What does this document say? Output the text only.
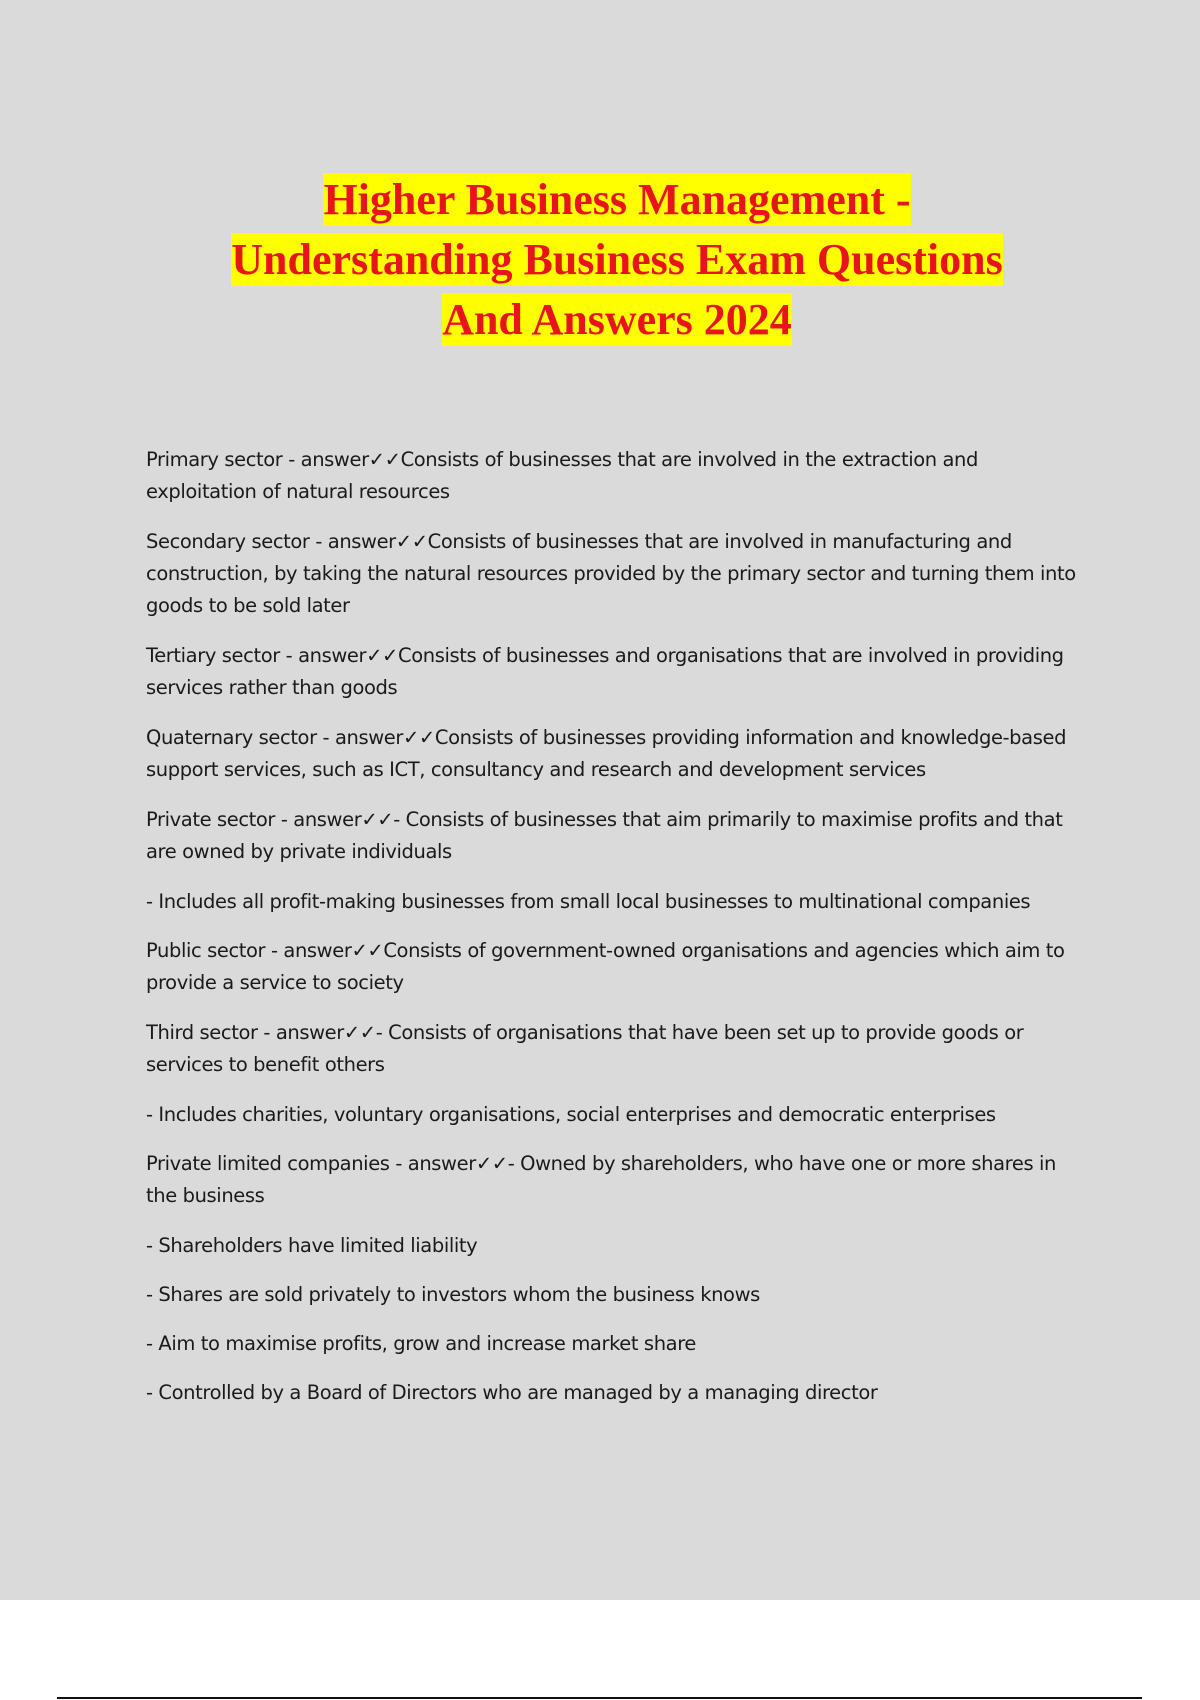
Higher Business Management -
Understanding Business Exam Questions
And Answers 2024

Primary sector - answer✓✓Consists of businesses that are involved in the extraction and exploitation of natural resources

Secondary sector - answer✓✓Consists of businesses that are involved in manufacturing and construction, by taking the natural resources provided by the primary sector and turning them into goods to be sold later

Tertiary sector - answer✓✓Consists of businesses and organisations that are involved in providing services rather than goods

Quaternary sector - answer✓✓Consists of businesses providing information and knowledge-based support services, such as ICT, consultancy and research and development services

Private sector - answer✓✓- Consists of businesses that aim primarily to maximise profits and that are owned by private individuals

- Includes all profit-making businesses from small local businesses to multinational companies

Public sector - answer✓✓Consists of government-owned organisations and agencies which aim to provide a service to society

Third sector - answer✓✓- Consists of organisations that have been set up to provide goods or services to benefit others

- Includes charities, voluntary organisations, social enterprises and democratic enterprises

Private limited companies - answer✓✓- Owned by shareholders, who have one or more shares in the business

- Shareholders have limited liability

- Shares are sold privately to investors whom the business knows

- Aim to maximise profits, grow and increase market share

- Controlled by a Board of Directors who are managed by a managing director
